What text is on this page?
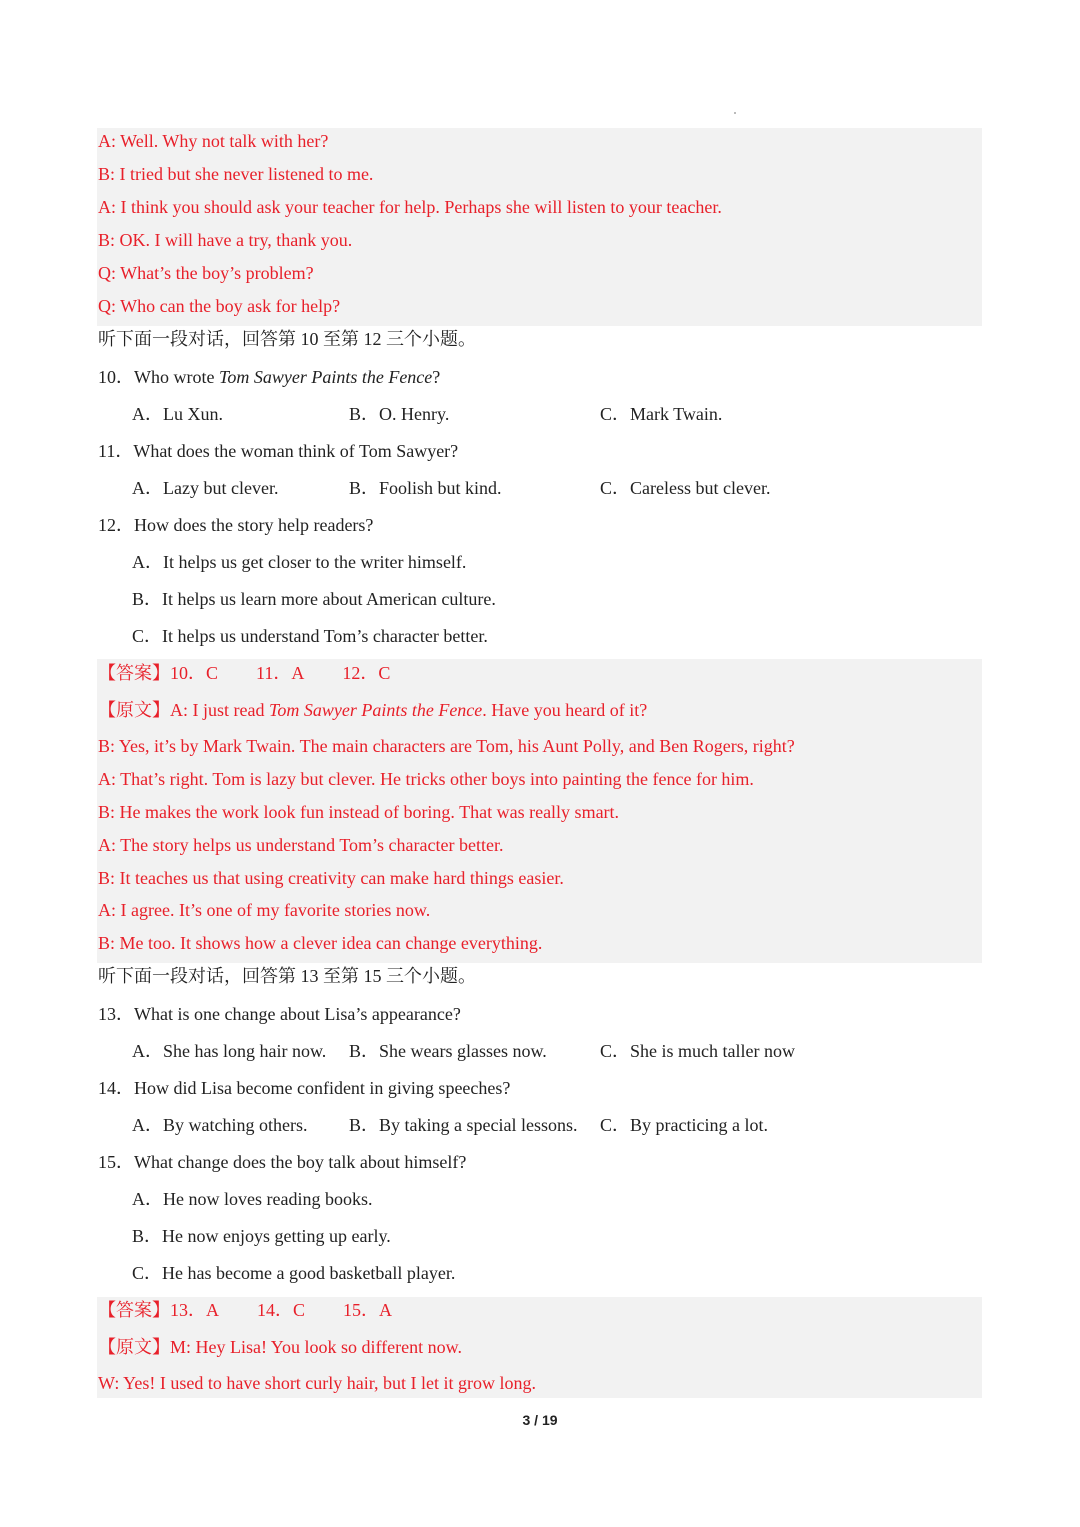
A: Well. Why not talk with her?
B: I tried but she never listened to me.
A: I think you should ask your teacher for help. Perhaps she will listen to your teacher.
B: OK. I will have a try, thank you.
Q: What’s the boy’s problem?
Q: Who can the boy ask for help?
听下面一段对话，回答第 10 至第 12 三个小题。
10．Who wrote Tom Sawyer Paints the Fence?
A．Lu Xun.	B．O. Henry.	C．Mark Twain.
11．What does the woman think of Tom Sawyer?
A．Lazy but clever.	B．Foolish but kind.	C．Careless but clever.
12．How does the story help readers?
A．It helps us get closer to the writer himself.
B．It helps us learn more about American culture.
C．It helps us understand Tom’s character better.
【答案】10．C 11．A 12．C
【原文】A: I just read Tom Sawyer Paints the Fence. Have you heard of it?
B: Yes, it’s by Mark Twain. The main characters are Tom, his Aunt Polly, and Ben Rogers, right?
A: That’s right. Tom is lazy but clever. He tricks other boys into painting the fence for him.
B: He makes the work look fun instead of boring. That was really smart.
A: The story helps us understand Tom’s character better.
B: It teaches us that using creativity can make hard things easier.
A: I agree. It’s one of my favorite stories now.
B: Me too. It shows how a clever idea can change everything.
听下面一段对话，回答第 13 至第 15 三个小题。
13．What is one change about Lisa’s appearance?
A．She has long hair now. B．She wears glasses now.	C．She is much taller now
14．How did Lisa become confident in giving speeches?
A．By watching others. B．By taking a special lessons. C．By practicing a lot.
15．What change does the boy talk about himself?
A．He now loves reading books.
B．He now enjoys getting up early.
C．He has become a good basketball player.
【答案】13．A 14．C 15．A
【原文】M: Hey Lisa! You look so different now.
W: Yes! I used to have short curly hair, but I let it grow long.
3 / 19
